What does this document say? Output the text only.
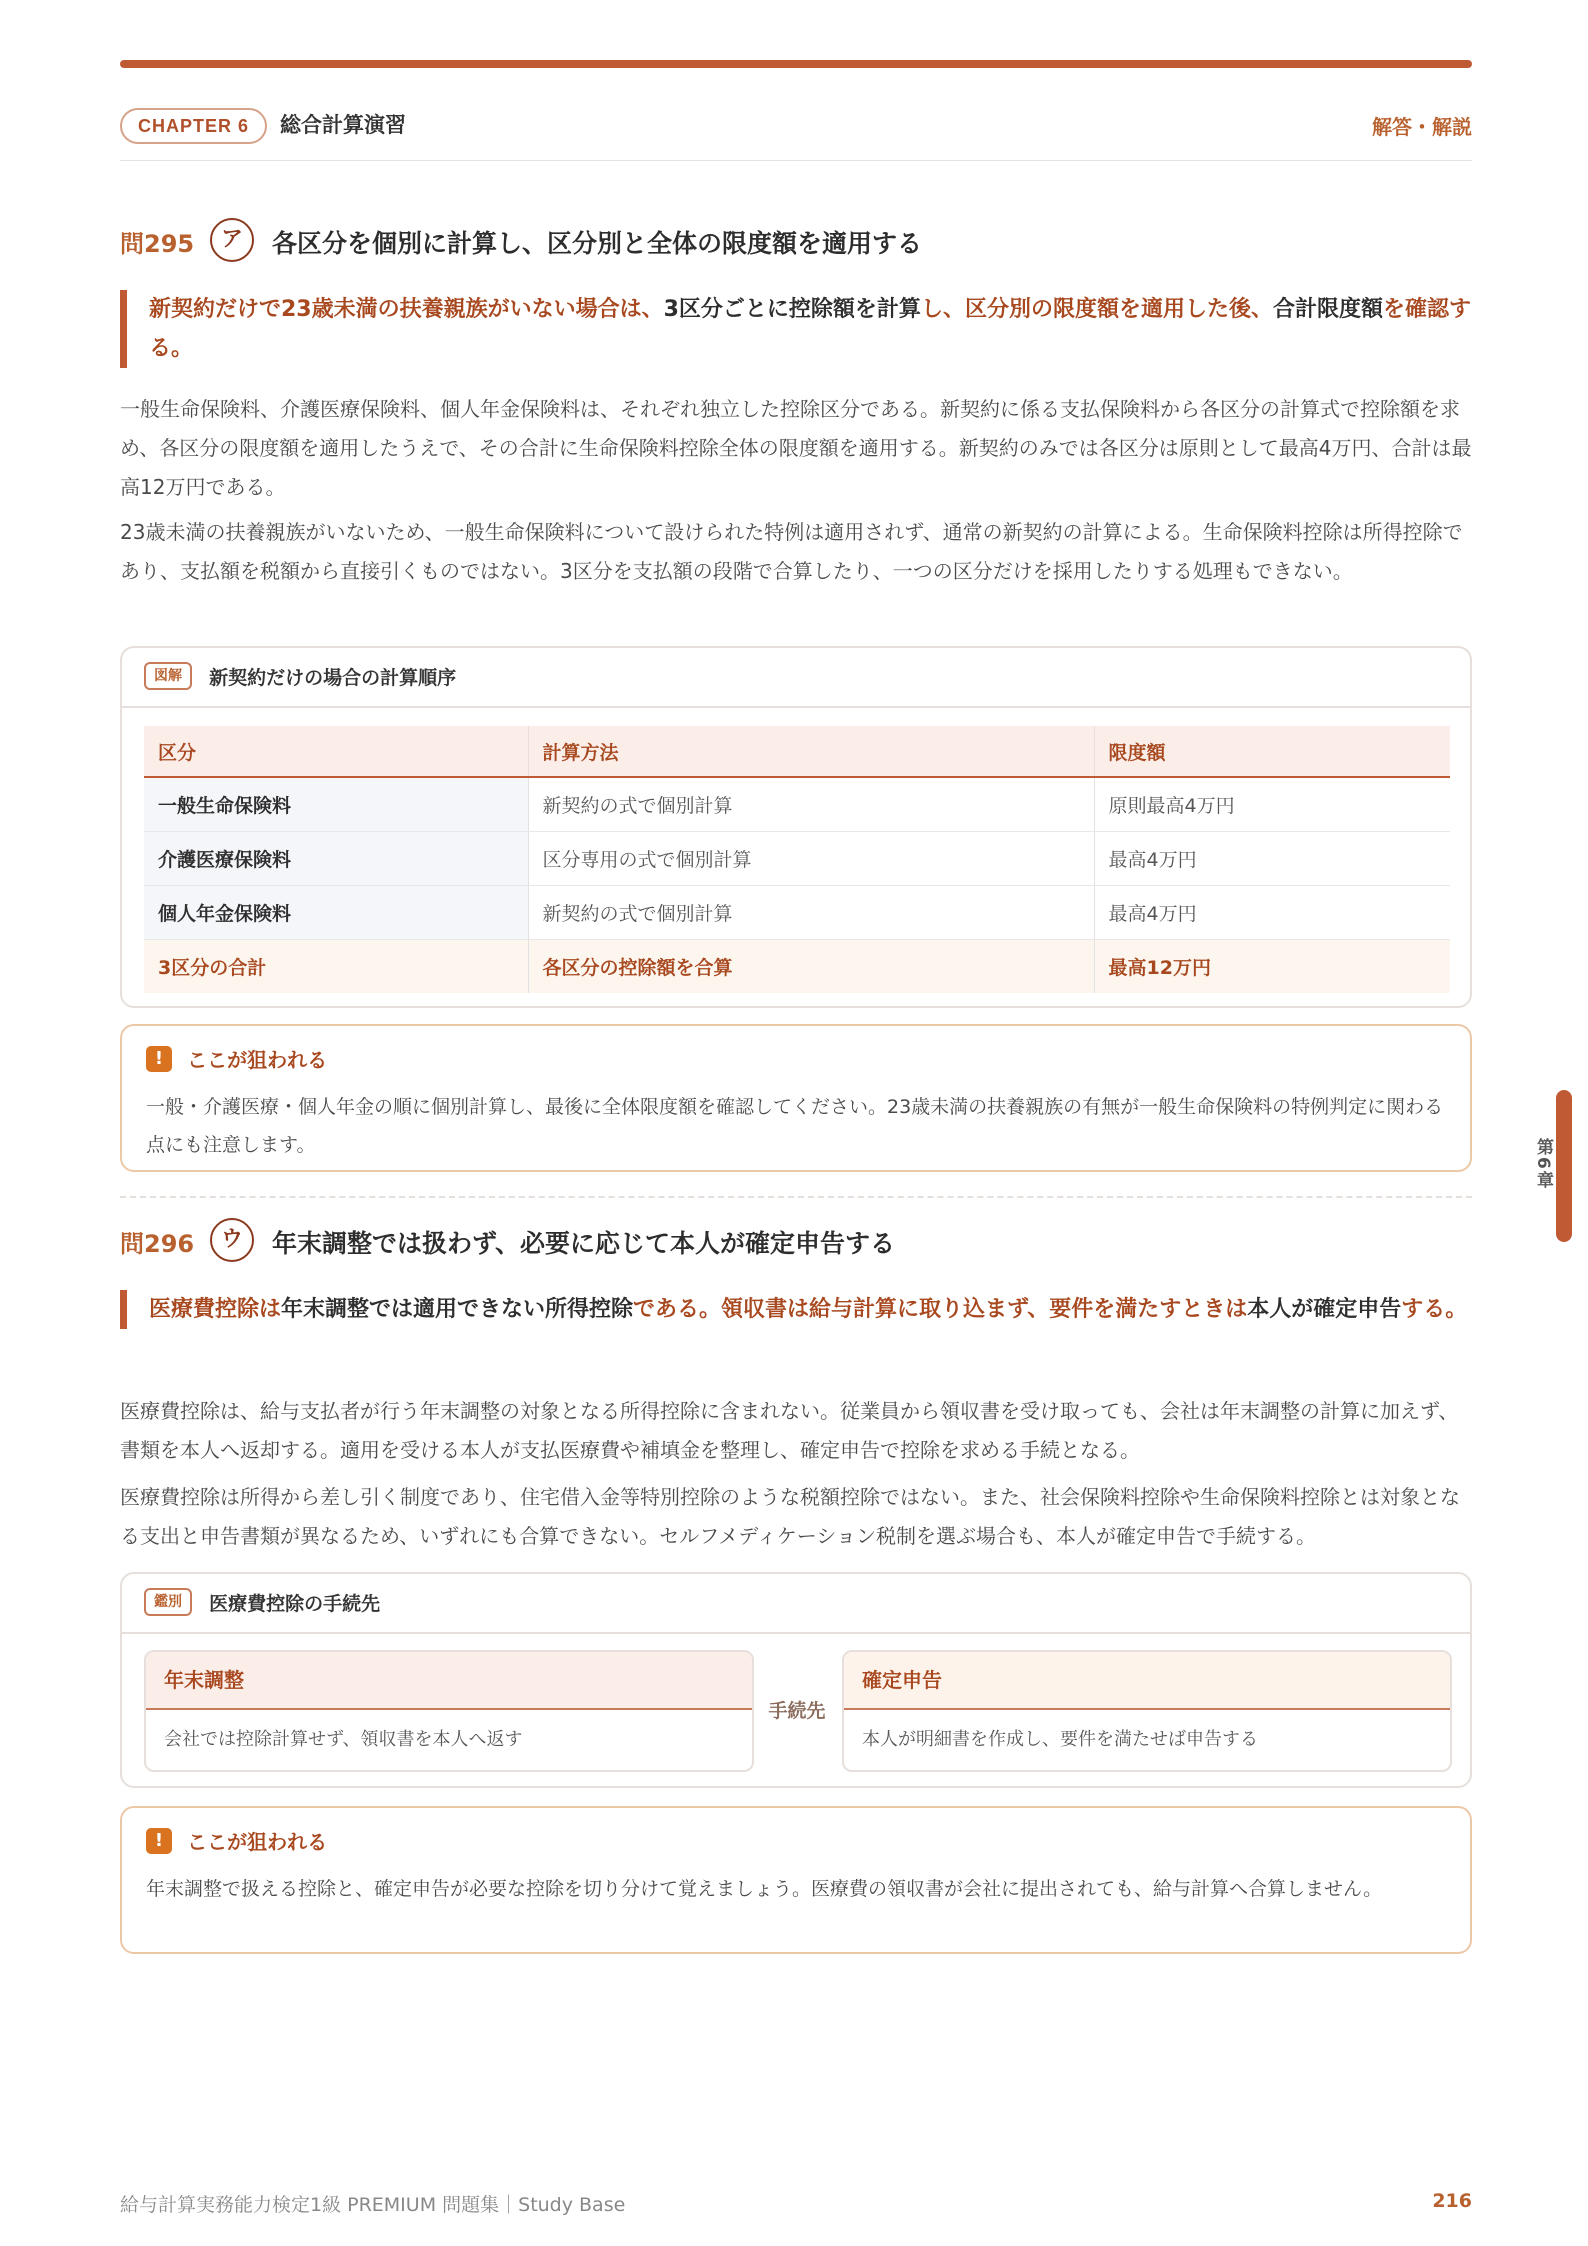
CHAPTER 6	総合計算演習	解答・解説
問295	ア	各区分を個別に計算し、区分別と全体の限度額を適用する
新契約だけで23歳未満の扶養親族がいない場合は、3区分ごとに控除額を計算し、区分別の限度額を適用した後、合計限度額を確認する。

一般生命保険料、介護医療保険料、個人年金保険料は、それぞれ独立した控除区分である。新契約に係る支払保険料から各区分の計算式で控除額を求め、各区分の限度額を適用したうえで、その合計に生命保険料控除全体の限度額を適用する。新契約のみでは各区分は原則として最高4万円、合計は最高12万円である。

23歳未満の扶養親族がいないため、一般生命保険料について設けられた特例は適用されず、通常の新契約の計算による。生命保険料控除は所得控除であり、支払額を税額から直接引くものではない。3区分を支払額の段階で合算したり、一つの区分だけを採用したりする処理もできない。

図解 新契約だけの場合の計算順序
区分	計算方法	限度額
一般生命保険料	新契約の式で個別計算	原則最高4万円
介護医療保険料	区分専用の式で個別計算	最高4万円
個人年金保険料	新契約の式で個別計算	最高4万円
3区分の合計	各区分の控除額を合算	最高12万円
! ここが狙われる

一般・介護医療・個人年金の順に個別計算し、最後に全体限度額を確認してください。23歳未満の扶養親族の有無が一般生命保険料の特例判定に関わる点にも注意します。

問296	ウ	年末調整では扱わず、必要に応じて本人が確定申告する
医療費控除は年末調整では適用できない所得控除である。領収書は給与計算に取り込まず、要件を満たすときは本人が確定申告する。

医療費控除は、給与支払者が行う年末調整の対象となる所得控除に含まれない。従業員から領収書を受け取っても、会社は年末調整の計算に加えず、書類を本人へ返却する。適用を受ける本人が支払医療費や補填金を整理し、確定申告で控除を求める手続となる。

医療費控除は所得から差し引く制度であり、住宅借入金等特別控除のような税額控除ではない。また、社会保険料控除や生命保険料控除とは対象となる支出と申告書類が異なるため、いずれにも合算できない。セルフメディケーション税制を選ぶ場合も、本人が確定申告で手続する。

鑑別 医療費控除の手続先
年末調整
会社では控除計算せず、領収書を本人へ返す
手続先
確定申告
本人が明細書を作成し、要件を満たせば申告する
! ここが狙われる

年末調整で扱える控除と、確定申告が必要な控除を切り分けて覚えましょう。医療費の領収書が会社に提出されても、給与計算へ合算しません。

第6章
給与計算実務能力検定1級 PREMIUM 問題集｜Study Base	216
